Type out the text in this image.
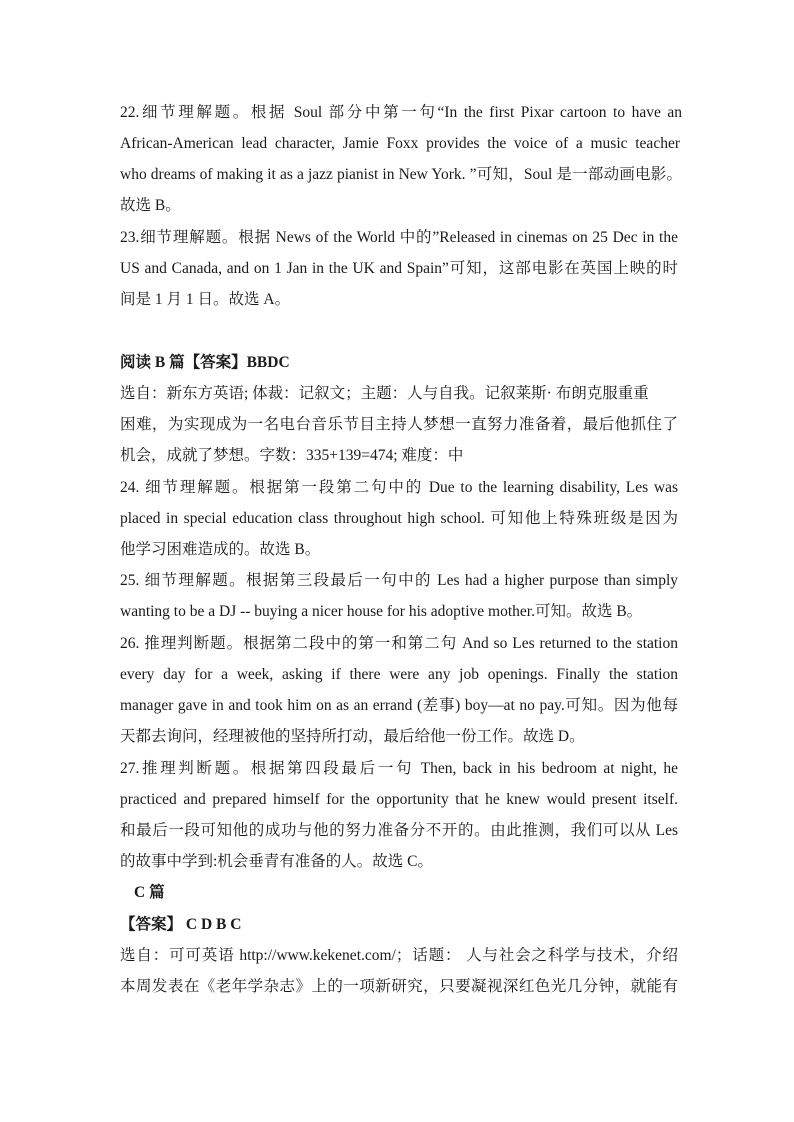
22.细节理解题。根据 Soul 部分中第一句“In the first Pixar cartoon to have an
African-American lead character, Jamie Foxx provides the voice of a music teacher
who dreams of making it as a jazz pianist in New York. ”可知，Soul 是一部动画电影。
故选 B。
23.细节理解题。根据 News of the World 中的”Released in cinemas on 25 Dec in the
US and Canada, and on 1 Jan in the UK and Spain”可知，这部电影在英国上映的时
间是 1 月 1 日。故选 A。
阅读 B 篇【答案】BBDC
选自：新东方英语; 体裁：记叙文；主题：人与自我。记叙莱斯· 布朗克服重重
困难，为实现成为一名电台音乐节目主持人梦想一直努力准备着，最后他抓住了
机会，成就了梦想。字数：335+139=474; 难度：中
24. 细节理解题。根据第一段第二句中的 Due to the learning disability, Les was
placed in special education class throughout high school. 可知他上特殊班级是因为
他学习困难造成的。故选 B。
25. 细节理解题。根据第三段最后一句中的 Les had a higher purpose than simply
wanting to be a DJ -- buying a nicer house for his adoptive mother.可知。故选 B。
26. 推理判断题。根据第二段中的第一和第二句 And so Les returned to the station
every day for a week, asking if there were any job openings. Finally the station
manager gave in and took him on as an errand (差事) boy—at no pay.可知。因为他每
天都去询问，经理被他的坚持所打动，最后给他一份工作。故选 D。
27.推理判断题。根据第四段最后一句 Then, back in his bedroom at night, he
practiced and prepared himself for the opportunity that he knew would present itself.
和最后一段可知他的成功与他的努力准备分不开的。由此推测，我们可以从 Les
的故事中学到:机会垂青有准备的人。故选 C。
C 篇
【答案】 C D B C
选自：可可英语 http://www.kekenet.com/；话题： 人与社会之科学与技术，介绍
本周发表在《老年学杂志》上的一项新研究，只要凝视深红色光几分钟，就能有
